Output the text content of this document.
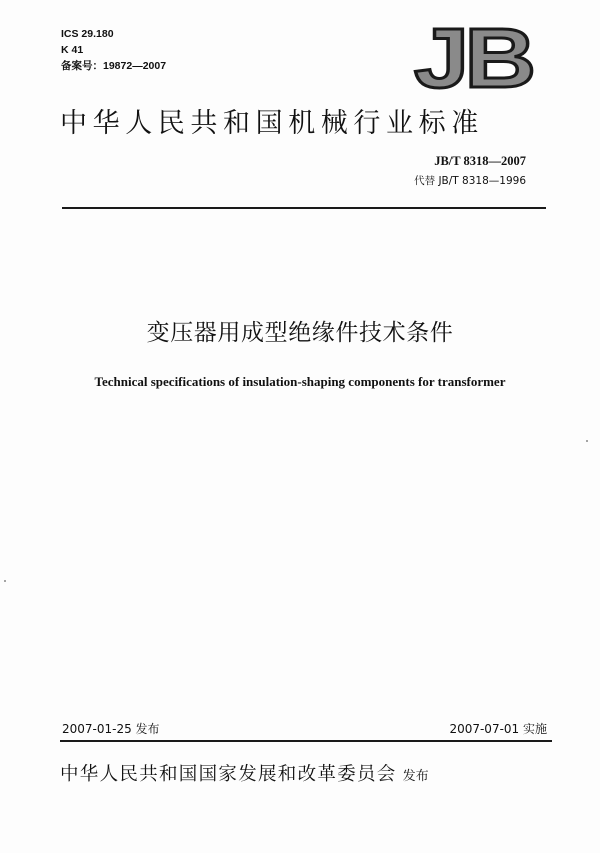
ICS 29.180
K 41
备案号：19872—2007	JB
中华人民共和国机械行业标准
JB/T 8318—2007
代替 JB/T 8318—1996
变压器用成型绝缘件技术条件
Technical specifications of insulation-shaping components for transformer
2007-01-25 发布	2007-07-01 实施
中华人民共和国国家发展和改革委员会 发布
